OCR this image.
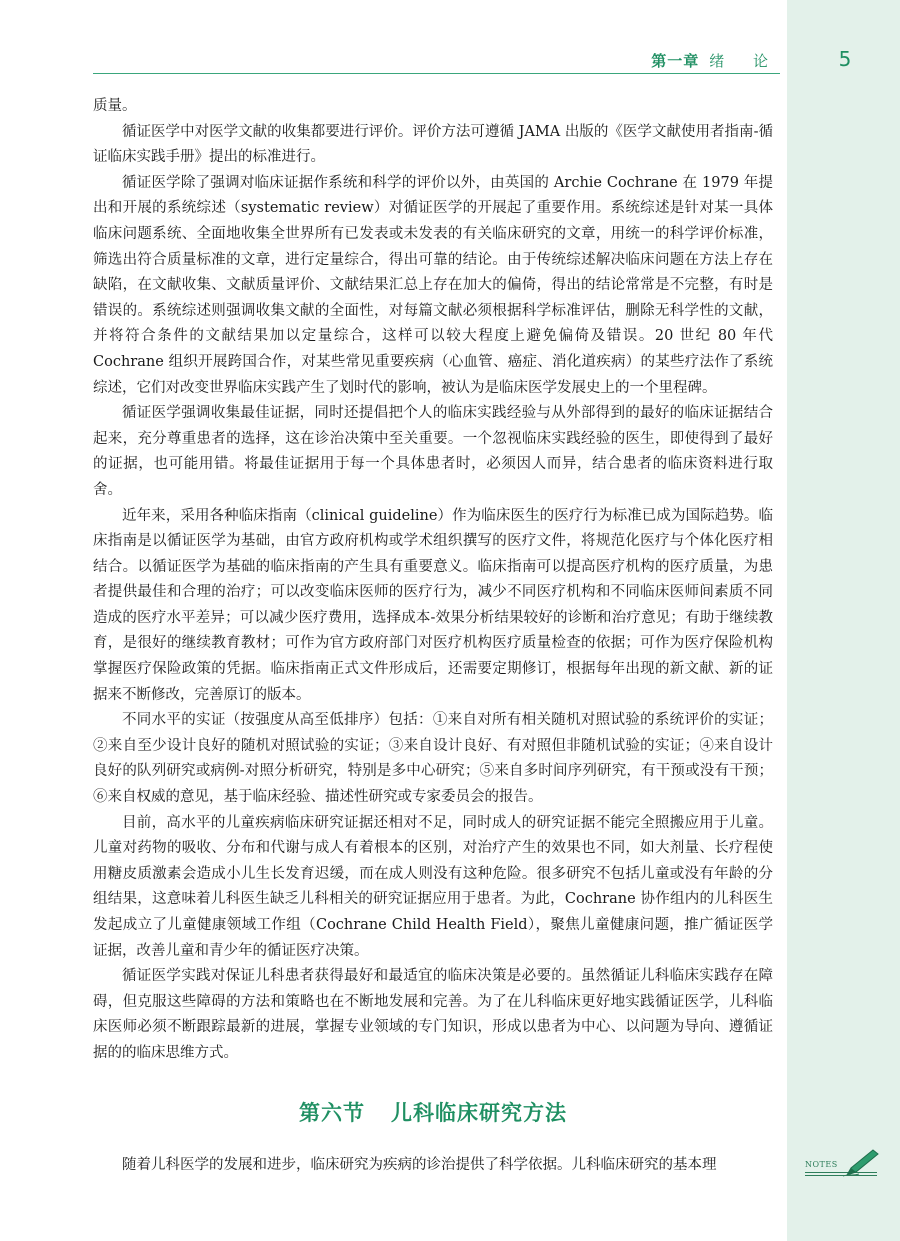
第一章 绪 论	5

质量。

循证医学中对医学文献的收集都要进行评价。评价方法可遵循 JAMA 出版的《医学文献使用者指南-循证临床实践手册》提出的标准进行。

循证医学除了强调对临床证据作系统和科学的评价以外，由英国的 Archie Cochrane 在 1979 年提出和开展的系统综述（systematic review）对循证医学的开展起了重要作用。系统综述是针对某一具体临床问题系统、全面地收集全世界所有已发表或未发表的有关临床研究的文章，用统一的科学评价标准，筛选出符合质量标准的文章，进行定量综合，得出可靠的结论。由于传统综述解决临床问题在方法上存在缺陷，在文献收集、文献质量评价、文献结果汇总上存在加大的偏倚，得出的结论常常是不完整，有时是错误的。系统综述则强调收集文献的全面性，对每篇文献必须根据科学标准评估，删除无科学性的文献，并将符合条件的文献结果加以定量综合，这样可以较大程度上避免偏倚及错误。20 世纪 80 年代 Cochrane 组织开展跨国合作，对某些常见重要疾病（心血管、癌症、消化道疾病）的某些疗法作了系统综述，它们对改变世界临床实践产生了划时代的影响，被认为是临床医学发展史上的一个里程碑。

循证医学强调收集最佳证据，同时还提倡把个人的临床实践经验与从外部得到的最好的临床证据结合起来，充分尊重患者的选择，这在诊治决策中至关重要。一个忽视临床实践经验的医生，即使得到了最好的证据，也可能用错。将最佳证据用于每一个具体患者时，必须因人而异，结合患者的临床资料进行取舍。

近年来，采用各种临床指南（clinical guideline）作为临床医生的医疗行为标准已成为国际趋势。临床指南是以循证医学为基础，由官方政府机构或学术组织撰写的医疗文件，将规范化医疗与个体化医疗相结合。以循证医学为基础的临床指南的产生具有重要意义。临床指南可以提高医疗机构的医疗质量，为患者提供最佳和合理的治疗；可以改变临床医师的医疗行为，减少不同医疗机构和不同临床医师间素质不同造成的医疗水平差异；可以减少医疗费用，选择成本-效果分析结果较好的诊断和治疗意见；有助于继续教育，是很好的继续教育教材；可作为官方政府部门对医疗机构医疗质量检查的依据；可作为医疗保险机构掌握医疗保险政策的凭据。临床指南正式文件形成后，还需要定期修订，根据每年出现的新文献、新的证据来不断修改，完善原订的版本。

不同水平的实证（按强度从高至低排序）包括：①来自对所有相关随机对照试验的系统评价的实证；②来自至少设计良好的随机对照试验的实证；③来自设计良好、有对照但非随机试验的实证；④来自设计良好的队列研究或病例-对照分析研究，特别是多中心研究；⑤来自多时间序列研究，有干预或没有干预；⑥来自权威的意见，基于临床经验、描述性研究或专家委员会的报告。

目前，高水平的儿童疾病临床研究证据还相对不足，同时成人的研究证据不能完全照搬应用于儿童。儿童对药物的吸收、分布和代谢与成人有着根本的区别，对治疗产生的效果也不同，如大剂量、长疗程使用糖皮质激素会造成小儿生长发育迟缓，而在成人则没有这种危险。很多研究不包括儿童或没有年龄的分组结果，这意味着儿科医生缺乏儿科相关的研究证据应用于患者。为此，Cochrane 协作组内的儿科医生发起成立了儿童健康领域工作组（Cochrane Child Health Field），聚焦儿童健康问题，推广循证医学证据，改善儿童和青少年的循证医疗决策。

循证医学实践对保证儿科患者获得最好和最适宜的临床决策是必要的。虽然循证儿科临床实践存在障碍，但克服这些障碍的方法和策略也在不断地发展和完善。为了在儿科临床更好地实践循证医学，儿科临床医师必须不断跟踪最新的进展，掌握专业领域的专门知识，形成以患者为中心、以问题为导向、遵循证据的的临床思维方式。

第六节 儿科临床研究方法

随着儿科医学的发展和进步，临床研究为疾病的诊治提供了科学依据。儿科临床研究的基本理	NOTES
